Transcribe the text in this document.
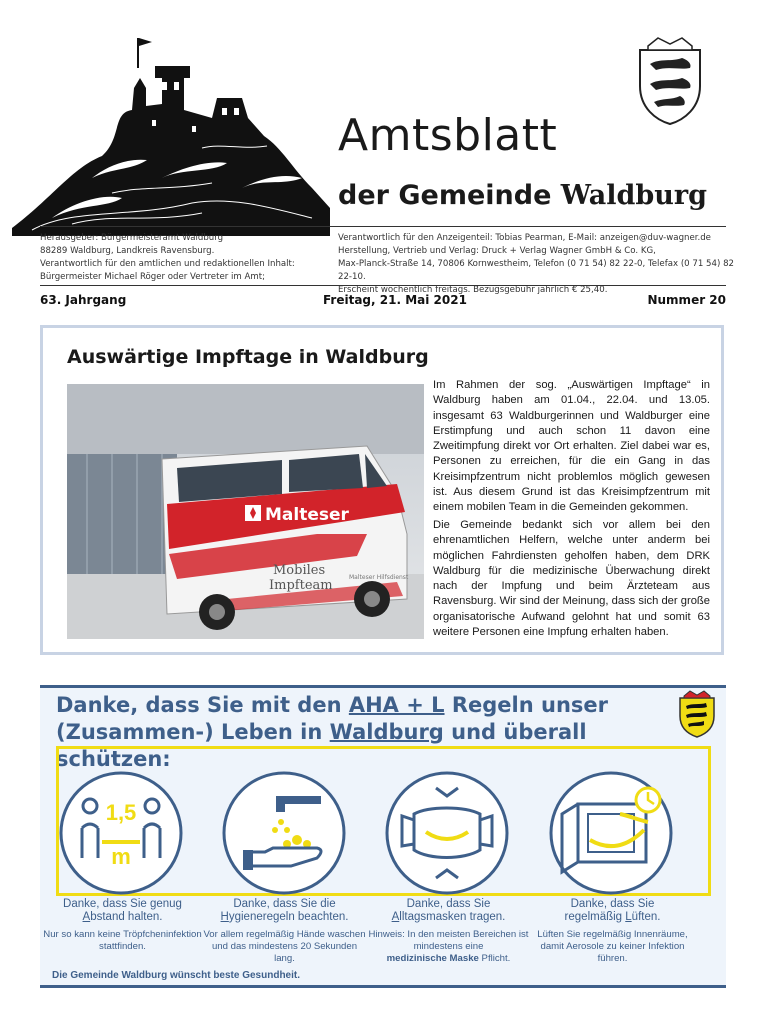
Amtsblatt
der Gemeinde Waldburg
Herausgeber: Bürgermeisteramt Waldburg
88289 Waldburg, Landkreis Ravensburg.
Verantwortlich für den amtlichen und redaktionellen Inhalt:
Bürgermeister Michael Röger oder Vertreter im Amt;
Verantwortlich für den Anzeigenteil: Tobias Pearman, E-Mail: anzeigen@duv-wagner.de
Herstellung, Vertrieb und Verlag: Druck + Verlag Wagner GmbH & Co. KG,
Max-Planck-Straße 14, 70806 Kornwestheim, Telefon (0 71 54) 82 22-0, Telefax (0 71 54) 82 22-10.
Erscheint wöchentlich freitags. Bezugsgebühr jährlich € 25,40.
63. Jahrgang	Freitag, 21. Mai 2021	Nummer 20
Auswärtige Impftage in Waldburg
Malteser
Mobiles
Impfteam
Malteser Hilfsdienst
Im Rahmen der sog. „Auswärtigen Impftage“ in Waldburg haben am 01.04., 22.04. und 13.05. insgesamt 63 Waldburgerinnen und Waldburger eine Erstimpfung und auch schon 11 davon eine Zweitimpfung direkt vor Ort erhalten. Ziel dabei war es, Personen zu erreichen, für die ein Gang in das Kreisimpfzentrum nicht problemlos möglich gewesen ist. Aus diesem Grund ist das Kreisimpfzentrum mit einem mobilen Team in die Gemeinden gekommen.
Die Gemeinde bedankt sich vor allem bei den ehrenamtlichen Helfern, welche unter anderm bei möglichen Fahrdiensten geholfen haben, dem DRK Waldburg für die medizinische Überwachung direkt nach der Impfung und beim Ärzteteam aus Ravensburg. Wir sind der Meinung, dass sich der große organisatorische Aufwand gelohnt hat und somit 63 weitere Personen eine Impfung erhalten haben.
Danke, dass Sie mit den AHA + L Regeln unser
(Zusammen-) Leben in Waldburg und überall schützen:
1,5
m
Danke, dass Sie genug
Abstand halten.
Nur so kann keine Tröpfcheninfektion stattfinden.
Danke, dass Sie die
Hygieneregeln beachten.
Vor allem regelmäßig Hände waschen und das mindestens 20 Sekunden lang.
Danke, dass Sie
Alltagsmasken tragen.
Hinweis: In den meisten Bereichen ist mindestens eine
medizinische Maske Pflicht.
Danke, dass Sie
regelmäßig Lüften.
Lüften Sie regelmäßig Innenräume, damit Aerosole zu keiner Infektion führen.
Die Gemeinde Waldburg wünscht beste Gesundheit.
